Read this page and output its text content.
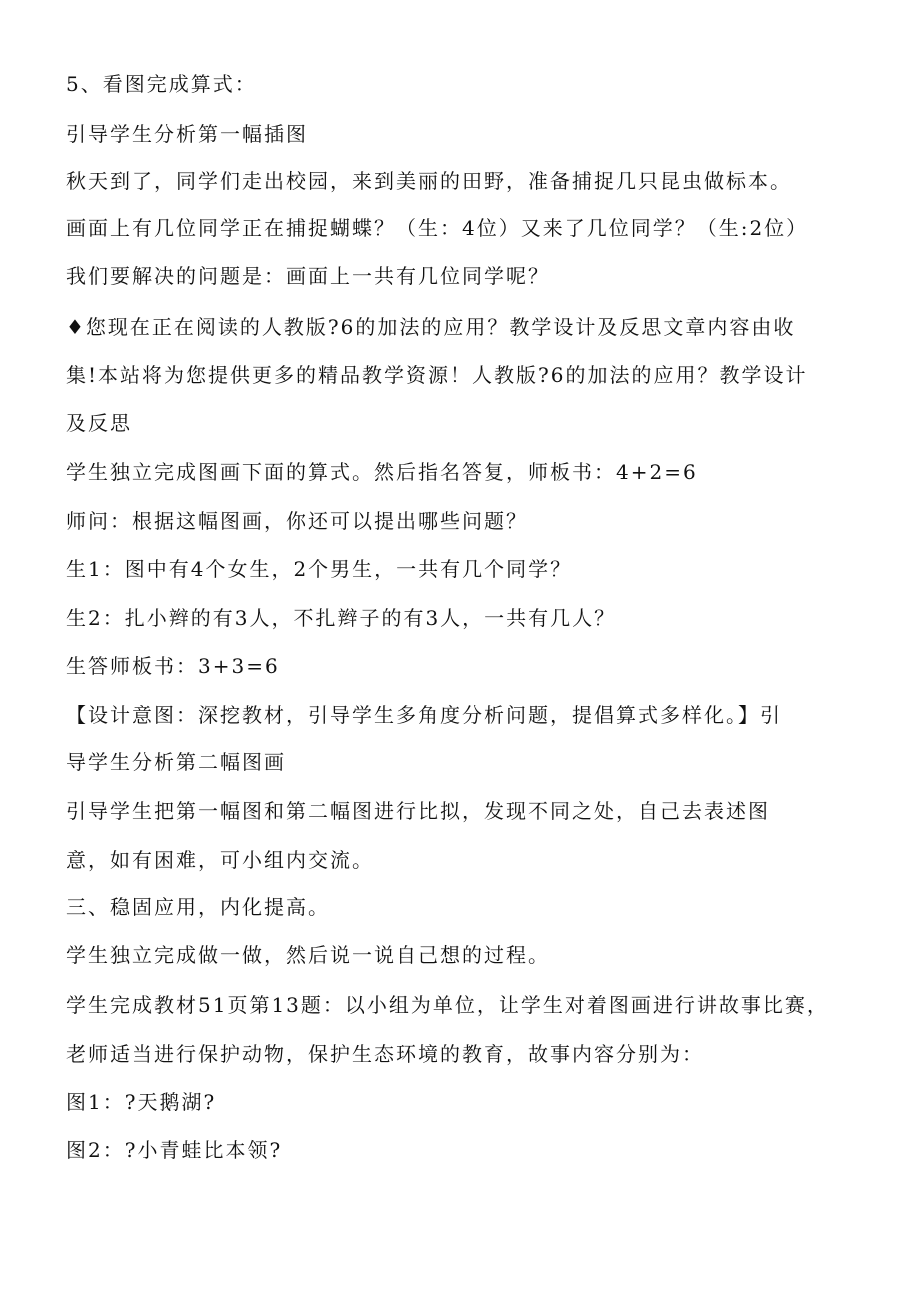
5、看图完成算式：
引导学生分析第一幅插图
秋天到了，同学们走出校园，来到美丽的田野，准备捕捉几只昆虫做标本。
画面上有几位同学正在捕捉蝴蝶？（生：4位）又来了几位同学？（生:2位）
我们要解决的问题是：画面上一共有几位同学呢？
♦您现在正在阅读的人教版?6的加法的应用？教学设计及反思文章内容由收
集!本站将为您提供更多的精品教学资源！人教版?6的加法的应用？教学设计
及反思
学生独立完成图画下面的算式。然后指名答复，师板书：4+2=6
师问：根据这幅图画，你还可以提出哪些问题？
生1：图中有4个女生，2个男生，一共有几个同学？
生2：扎小辫的有3人，不扎辫子的有3人，一共有几人？
生答师板书：3+3=6
【设计意图：深挖教材，引导学生多角度分析问题，提倡算式多样化。】引
导学生分析第二幅图画
引导学生把第一幅图和第二幅图进行比拟，发现不同之处，自己去表述图
意，如有困难，可小组内交流。
三、稳固应用，内化提高。
学生独立完成做一做，然后说一说自己想的过程。
学生完成教材51页第13题：以小组为单位，让学生对着图画进行讲故事比赛，
老师适当进行保护动物，保护生态环境的教育，故事内容分别为：
图1：?天鹅湖?
图2：?小青蛙比本领?
